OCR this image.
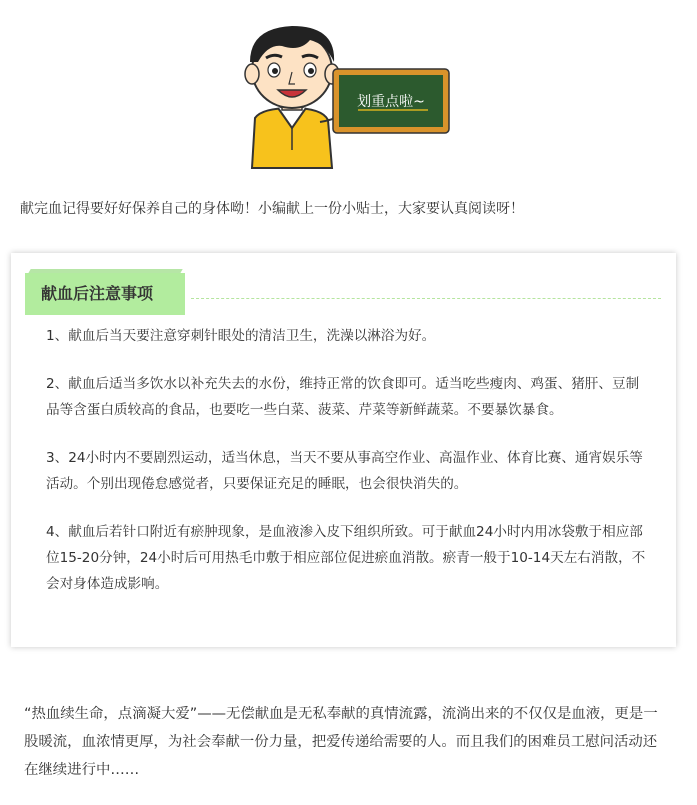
划重点啦~

献完血记得要好好保养自己的身体呦！小编献上一份小贴士，大家要认真阅读呀！

献血后注意事项

1、献血后当天要注意穿刺针眼处的清洁卫生，洗澡以淋浴为好。

2、献血后适当多饮水以补充失去的水份，维持正常的饮食即可。适当吃些瘦肉、鸡蛋、猪肝、豆制品等含蛋白质较高的食品，也要吃一些白菜、菠菜、芹菜等新鲜蔬菜。不要暴饮暴食。

3、24小时内不要剧烈运动，适当休息，当天不要从事高空作业、高温作业、体育比赛、通宵娱乐等活动。个别出现倦怠感觉者，只要保证充足的睡眠，也会很快消失的。

4、献血后若针口附近有瘀肿现象，是血液渗入皮下组织所致。可于献血24小时内用冰袋敷于相应部位15-20分钟，24小时后可用热毛巾敷于相应部位促进瘀血消散。瘀青一般于10-14天左右消散，不会对身体造成影响。

“热血续生命，点滴凝大爱”——无偿献血是无私奉献的真情流露，流淌出来的不仅仅是血液，更是一股暖流，血浓情更厚，为社会奉献一份力量，把爱传递给需要的人。而且我们的困难员工慰问活动还在继续进行中……
